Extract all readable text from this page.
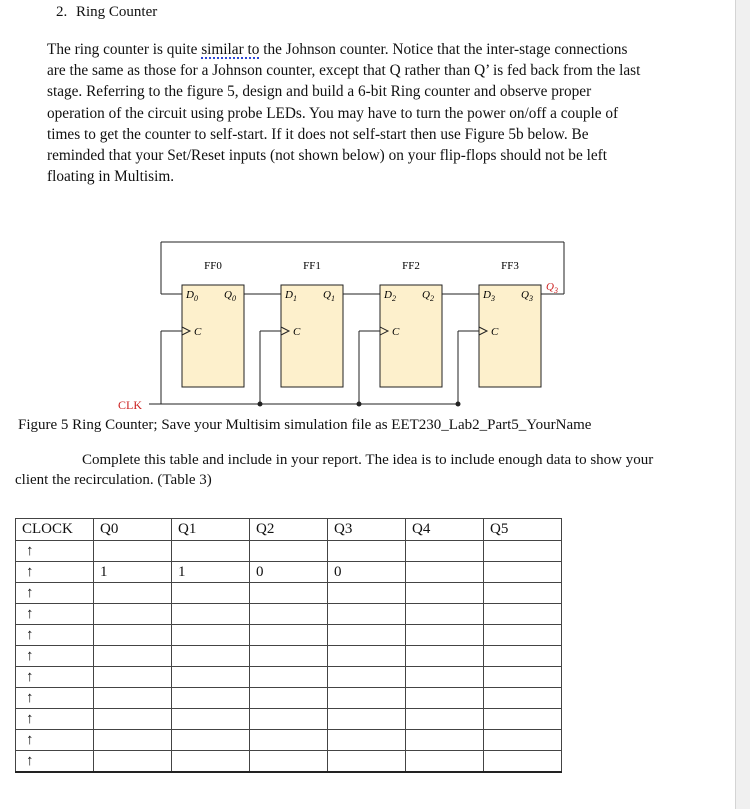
2. Ring Counter

The ring counter is quite similar to the Johnson counter. Notice that the inter-stage connections are the same as those for a Johnson counter, except that Q rather than Q’ is fed back from the last stage. Referring to the figure 5, design and build a 6-bit Ring counter and observe proper operation of the circuit using probe LEDs. You may have to turn the power on/off a couple of times to get the counter to self-start. If it does not self-start then use Figure 5b below. Be reminded that your Set/Reset inputs (not shown below) on your flip-flops should not be left floating in Multisim.

FF0
$D_0$ $Q_0$
C
FF1
$D_1$ $Q_1$
C
FF2
$D_2$ $Q_2$
C
FF3
$D_3$ $Q_3$
C
$Q_3$
CLK
Figure 5 Ring Counter; Save your Multisim simulation file as EET230_Lab2_Part5_YourName

Complete this table and include in your report. The idea is to include enough data to show your client the recirculation. (Table 3)

CLOCK	Q0	Q1	Q2	Q3	Q4	Q5
↑						
↑	1	1	0	0		
↑						
↑						
↑						
↑						
↑						
↑						
↑						
↑						
↑						
